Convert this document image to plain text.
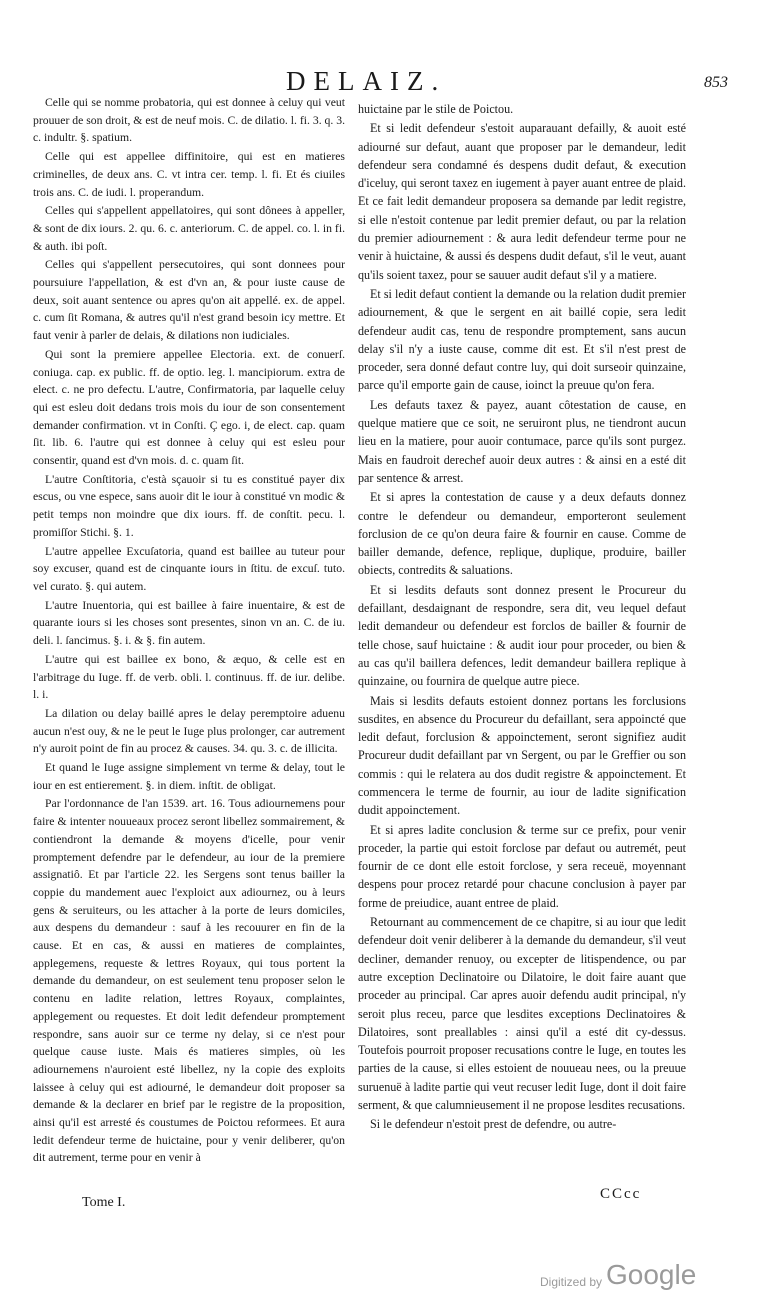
DELAIZ.	853

Celle qui se nomme probatoria, qui est donnee à celuy qui veut prouuer de son droit, & est de neuf mois. C. de dilatio. l. fi. 3. q. 3. c. indultr. §. spatium.

Celle qui est appellee diffinitoire, qui est en matieres criminelles, de deux ans. C. vt intra cer. temp. l. fi. Et és ciuiles trois ans. C. de iudi. l. properandum.

Celles qui s'appellent appellatoires, qui sont dônees à appeller, & sont de dix iours. 2. qu. 6. c. anteriorum. C. de appel. co. l. in fi. & auth. ibi poſt.

Celles qui s'appellent persecutoires, qui sont donnees pour poursuiure l'appellation, & est d'vn an, & pour iuste cause de deux, soit auant sentence ou apres qu'on ait appellé. ex. de appel. c. cum ſit Romana, & autres qu'il n'est grand besoin icy mettre. Et faut venir à parler de delais, & dilations non iudiciales.

Qui sont la premiere appellee Electoria. ext. de conuerſ. coniuga. cap. ex public. ff. de optio. leg. l. mancipiorum. extra de elect. c. ne pro defectu. L'autre, Confirmatoria, par laquelle celuy qui est esleu doit dedans trois mois du iour de son consentement demander confirmation. vt in Conſti. Ç ego. i, de elect. cap. quam ſit. lib. 6. l'autre qui est donnee à celuy qui est esleu pour consentir, quand est d'vn mois. d. c. quam ſit.

L'autre Conſtitoria, c'està sçauoir si tu es constitué payer dix escus, ou vne espece, sans auoir dit le iour à constitué vn modic & petit temps non moindre que dix iours. ff. de conſtit. pecu. l. promiſſor Stichi. §. 1.

L'autre appellee Excuſatoria, quand est baillee au tuteur pour soy excuser, quand est de cinquante iours in ſtitu. de excuſ. tuto. vel curato. §. qui autem.

L'autre Inuentoria, qui est baillee à faire inuentaire, & est de quarante iours si les choses sont presentes, sinon vn an. C. de iu. deli. l. ſancimus. §. i. & §. fin autem.

L'autre qui est baillee ex bono, & æquo, & celle est en l'arbitrage du Iuge. ff. de verb. obli. l. continuus. ff. de iur. delibe. l. i.

La dilation ou delay baillé apres le delay peremptoire aduenu aucun n'est ouy, & ne le peut le Iuge plus prolonger, car autrement n'y auroit point de fin au procez & causes. 34. qu. 3. c. de illicita.

Et quand le Iuge assigne simplement vn terme & delay, tout le iour en est entierement. §. in diem. inſtit. de obligat.

Par l'ordonnance de l'an 1539. art. 16. Tous adiournemens pour faire & intenter nouueaux procez seront libellez sommairement, & contiendront la demande & moyens d'icelle, pour venir promptement defendre par le defendeur, au iour de la premiere assignatiô. Et par l'article 22. les Sergens sont tenus bailler la coppie du mandement auec l'exploict aux adiournez, ou à leurs gens & seruiteurs, ou les attacher à la porte de leurs domiciles, aux despens du demandeur : sauf à les recouurer en fin de la cause. Et en cas, & aussi en matieres de complaintes, applegemens, requeste & lettres Royaux, qui tous portent la demande du demandeur, on est seulement tenu proposer selon le contenu en ladite relation, lettres Royaux, complaintes, applegement ou requestes. Et doit ledit defendeur promptement respondre, sans auoir sur ce terme ny delay, si ce n'est pour quelque cause iuste. Mais és matieres simples, où les adiournemens n'auroient esté libellez, ny la copie des exploits laissee à celuy qui est adiourné, le demandeur doit proposer sa demande & la declarer en brief par le registre de la proposition, ainsi qu'il est arresté és coustumes de Poictou reformees. Et aura ledit defendeur terme de huictaine, pour y venir deliberer, qu'on dit autrement, terme pour en venir à

huictaine par le stile de Poictou.

Et si ledit defendeur s'estoit auparauant defailly, & auoit esté adiourné sur defaut, auant que proposer par le demandeur, ledit defendeur sera condamné és despens dudit defaut, & execution d'iceluy, qui seront taxez en iugement à payer auant entree de plaid. Et ce fait ledit demandeur proposera sa demande par ledit registre, si elle n'estoit contenue par ledit premier defaut, ou par la relation du premier adiournement : & aura ledit defendeur terme pour ne venir à huictaine, & aussi és despens dudit defaut, s'il le veut, auant qu'ils soient taxez, pour se sauuer audit defaut s'il y a matiere.

Et si ledit defaut contient la demande ou la relation dudit premier adiournement, & que le sergent en ait baillé copie, sera ledit defendeur audit cas, tenu de respondre promptement, sans aucun delay s'il n'y a iuste cause, comme dit est. Et s'il n'est prest de proceder, sera donné defaut contre luy, qui doit surseoir quinzaine, parce qu'il emporte gain de cause, ioinct la preuue qu'on fera.

Les defauts taxez & payez, auant côtestation de cause, en quelque matiere que ce soit, ne seruiront plus, ne tiendront aucun lieu en la matiere, pour auoir contumace, parce qu'ils sont purgez. Mais en faudroit derechef auoir deux autres : & ainsi en a esté dit par sentence & arrest.

Et si apres la contestation de cause y a deux defauts donnez contre le defendeur ou demandeur, emporteront seulement forclusion de ce qu'on deura faire & fournir en cause. Comme de bailler demande, defence, replique, duplique, produire, bailler obiects, contredits & saluations.

Et si lesdits defauts sont donnez present le Procureur du defaillant, desdaignant de respondre, sera dit, veu lequel defaut ledit demandeur ou defendeur est forclos de bailler & fournir de telle chose, sauf huictaine : & audit iour pour proceder, ou bien & au cas qu'il baillera defences, ledit demandeur baillera replique à quinzaine, ou fournira de quelque autre piece.

Mais si lesdits defauts estoient donnez portans les forclusions susdites, en absence du Procureur du defaillant, sera appoincté que ledit defaut, forclusion & appoinctement, seront signifiez audit Procureur dudit defaillant par vn Sergent, ou par le Greffier ou son commis : qui le relatera au dos dudit registre & appoinctement. Et commencera le terme de fournir, au iour de ladite signification dudit appoinctement.

Et si apres ladite conclusion & terme sur ce prefix, pour venir proceder, la partie qui estoit forclose par defaut ou autremét, peut fournir de ce dont elle estoit forclose, y sera receuë, moyennant despens pour procez retardé pour chacune conclusion à payer par forme de preiudice, auant entree de plaid.

Retournant au commencement de ce chapitre, si au iour que ledit defendeur doit venir deliberer à la demande du demandeur, s'il veut decliner, demander renuoy, ou excepter de litispendence, ou par autre exception Declinatoire ou Dilatoire, le doit faire auant que proceder au principal. Car apres auoir defendu audit principal, n'y seroit plus receu, parce que lesdites exceptions Declinatoires & Dilatoires, sont preallables : ainsi qu'il a esté dit cy-dessus. Toutefois pourroit proposer recusations contre le Iuge, en toutes les parties de la cause, si elles estoient de nouueau nees, ou la preuue suruenuë à ladite partie qui veut recuser ledit Iuge, dont il doit faire serment, & que calumnieusement il ne propose lesdites recusations.

Si le defendeur n'estoit prest de defendre, ou autre-

Tome I.
CCcc
Digitized by Google
